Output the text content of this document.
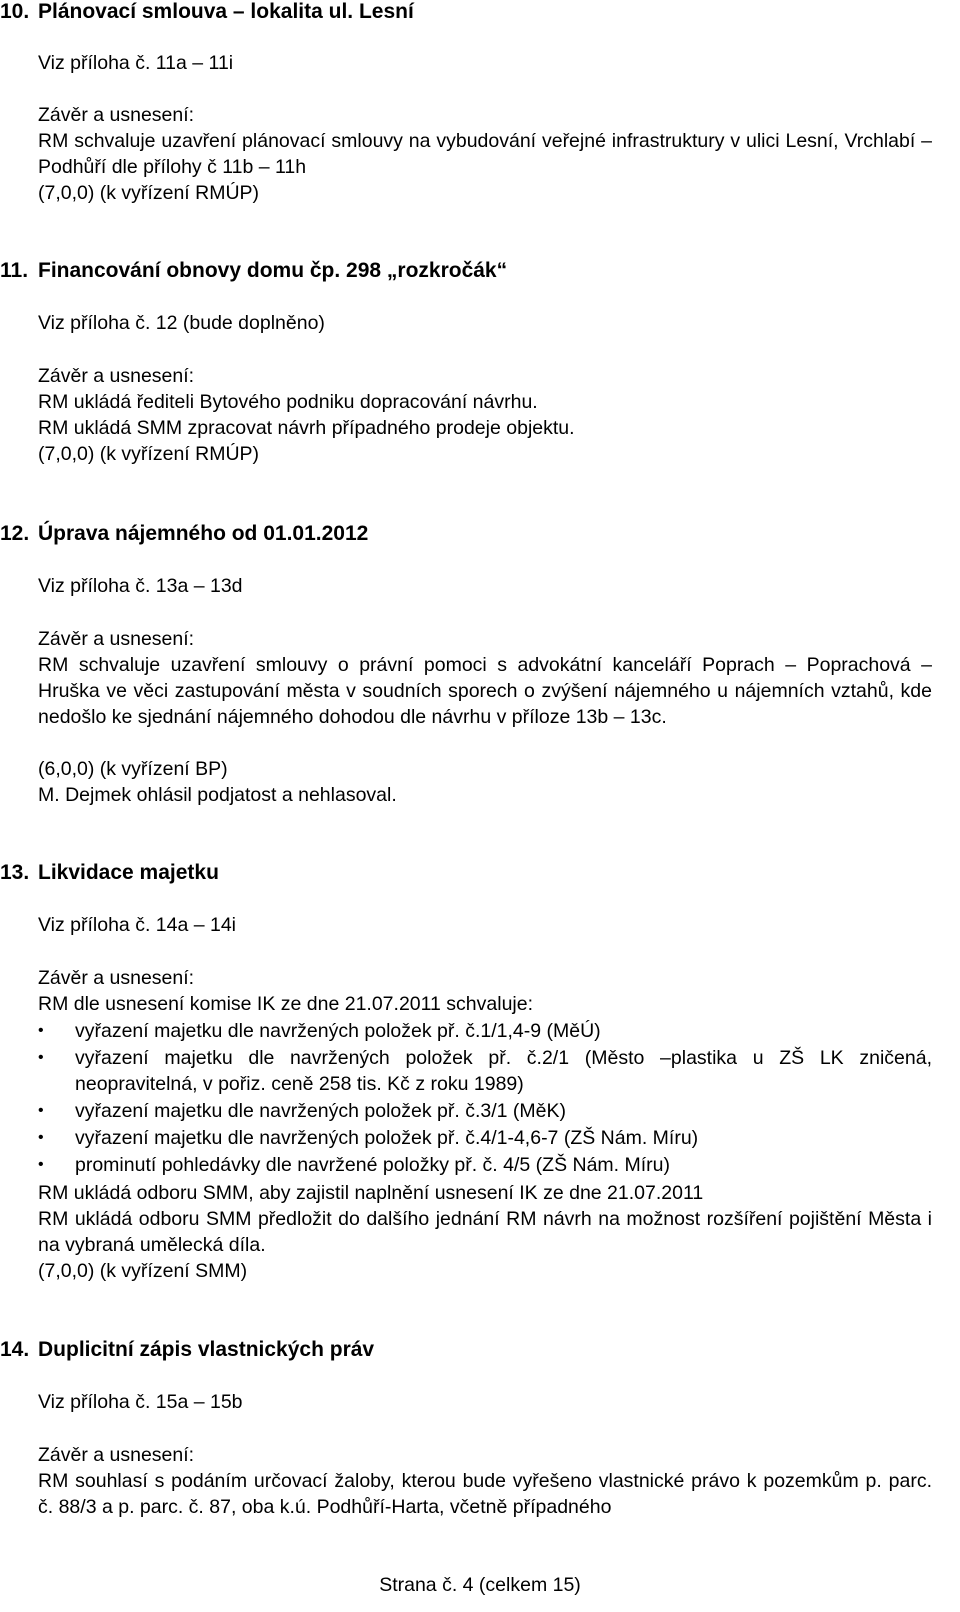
10. Plánovací smlouva – lokalita ul. Lesní
Viz příloha č. 11a – 11i
Závěr a usnesení:
RM schvaluje uzavření plánovací smlouvy na vybudování veřejné infrastruktury v ulici Lesní, Vrchlabí – Podhůří dle přílohy č 11b – 11h
(7,0,0) (k vyřízení RMÚP)
11. Financování obnovy domu čp. 298 „rozkročák“
Viz příloha č. 12 (bude doplněno)
Závěr a usnesení:
RM ukládá řediteli Bytového podniku dopracování návrhu.
RM ukládá SMM zpracovat návrh případného prodeje objektu.
(7,0,0) (k vyřízení RMÚP)
12. Úprava nájemného od 01.01.2012
Viz příloha č. 13a – 13d
Závěr a usnesení:
RM schvaluje uzavření smlouvy o právní pomoci s advokátní kanceláří Poprach – Poprachová – Hruška ve věci zastupování města v soudních sporech o zvýšení nájemného u nájemních vztahů, kde nedošlo ke sjednání nájemného dohodou dle návrhu v příloze 13b – 13c.
(6,0,0) (k vyřízení BP)
M. Dejmek ohlásil podjatost a nehlasoval.
13. Likvidace majetku
Viz příloha č. 14a – 14i
Závěr a usnesení:
RM dle usnesení komise IK ze dne 21.07.2011 schvaluje:
• vyřazení majetku dle navržených položek př. č.1/1,4-9 (MěÚ)
• vyřazení majetku dle navržených položek př. č.2/1 (Město –plastika u ZŠ LK zničená, neopravitelná, v pořiz. ceně 258 tis. Kč z roku 1989)
• vyřazení majetku dle navržených položek př. č.3/1 (MěK)
• vyřazení majetku dle navržených položek př. č.4/1-4,6-7 (ZŠ Nám. Míru)
• prominutí pohledávky dle navržené položky př. č. 4/5 (ZŠ Nám. Míru)
RM ukládá odboru SMM, aby zajistil naplnění usnesení IK ze dne 21.07.2011
RM ukládá odboru SMM předložit do dalšího jednání RM návrh na možnost rozšíření pojištění Města i na vybraná umělecká díla.
(7,0,0) (k vyřízení SMM)
14. Duplicitní zápis vlastnických práv
Viz příloha č. 15a – 15b
Závěr a usnesení:
RM souhlasí s podáním určovací žaloby, kterou bude vyřešeno vlastnické právo k pozemkům p. parc. č. 88/3 a p. parc. č. 87, oba k.ú. Podhůří-Harta, včetně případného
Strana č. 4 (celkem 15)
